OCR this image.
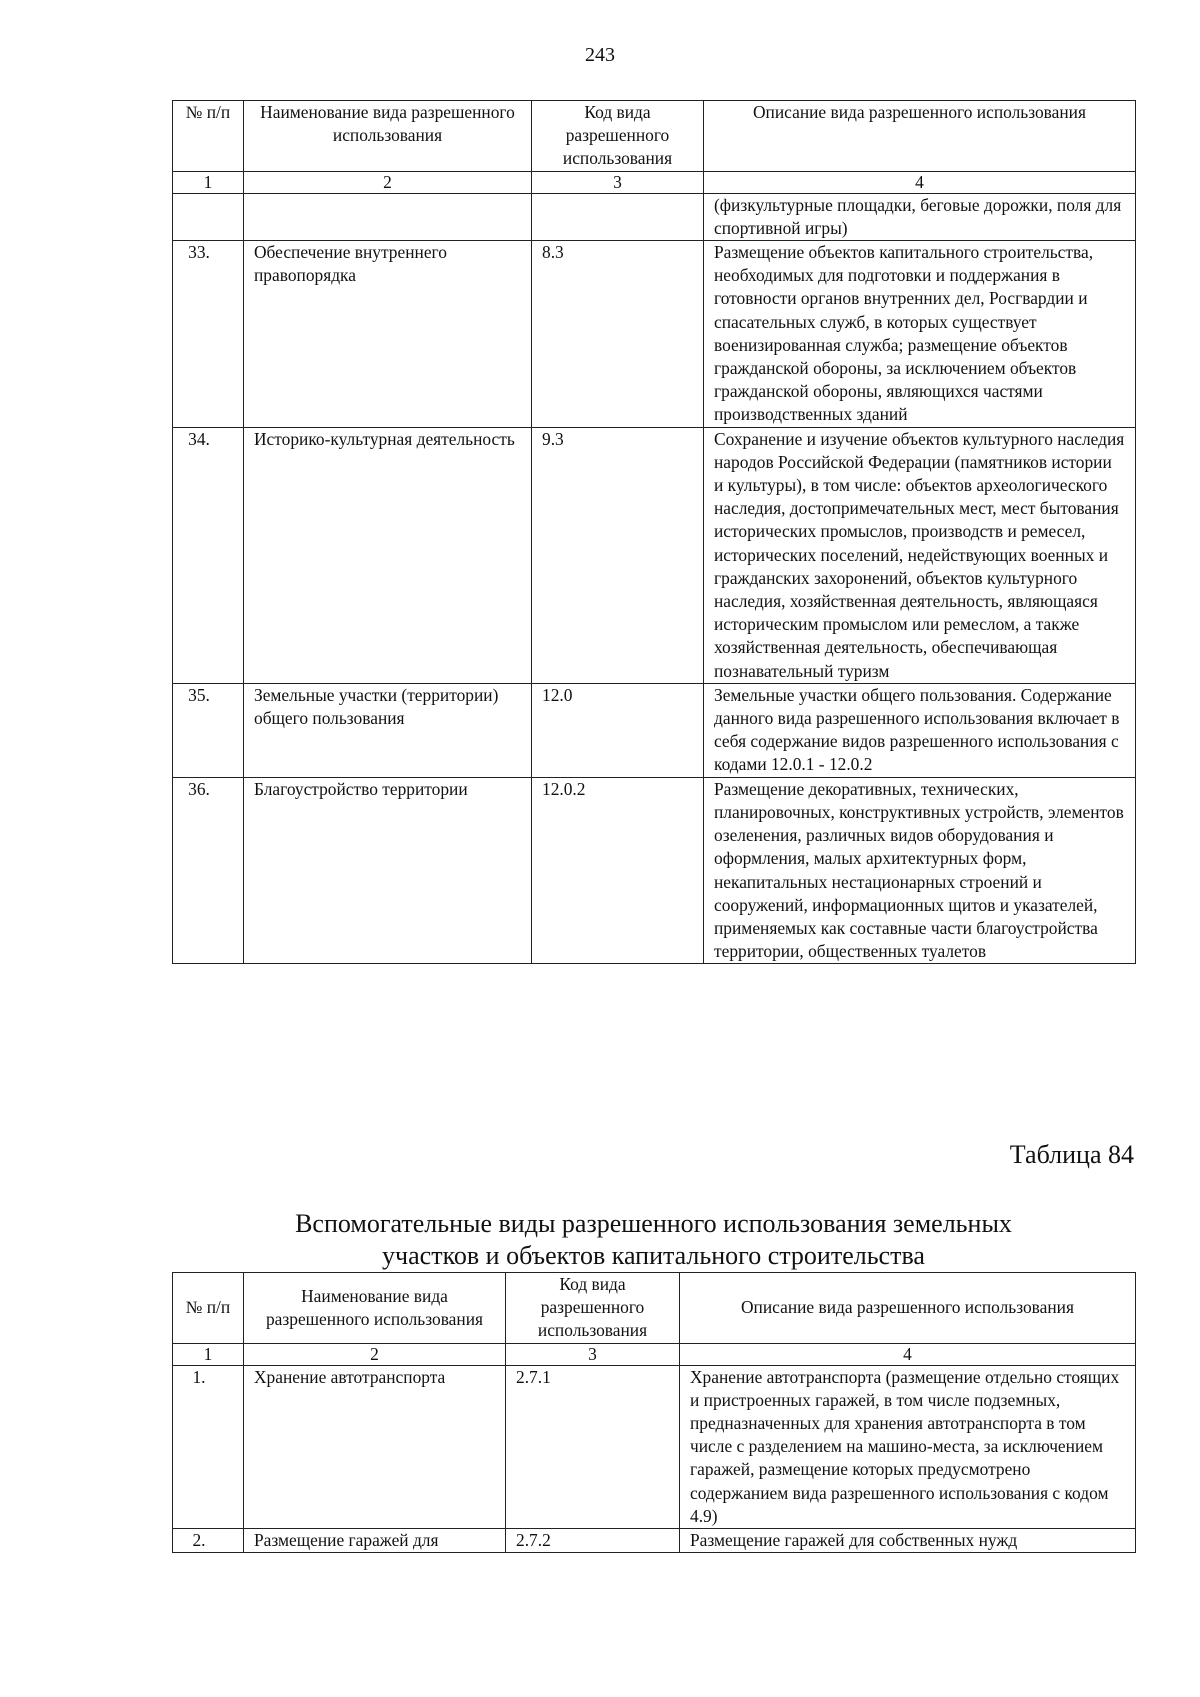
243
№ п/п	Наименование вида разрешенного использования	Код вида разрешенного использования	Описание вида разрешенного использования
1	2	3	4
			(физкультурные площадки, беговые дорожки, поля для спортивной игры)
33.	Обеспечение внутреннего правопорядка	8.3	Размещение объектов капитального строительства, необходимых для подготовки и поддержания в готовности органов внутренних дел, Росгвардии и спасательных служб, в которых существует военизированная служба; размещение объектов гражданской обороны, за исключением объектов гражданской обороны, являющихся частями производственных зданий
34.	Историко-культурная деятельность	9.3	Сохранение и изучение объектов культурного наследия народов Российской Федерации (памятников истории и культуры), в том числе: объектов археологического наследия, достопримечательных мест, мест бытования исторических промыслов, производств и ремесел, исторических поселений, недействующих военных и гражданских захоронений, объектов культурного наследия, хозяйственная деятельность, являющаяся историческим промыслом или ремеслом, а также хозяйственная деятельность, обеспечивающая познавательный туризм
35.	Земельные участки (территории) общего пользования	12.0	Земельные участки общего пользования. Содержание данного вида разрешенного использования включает в себя содержание видов разрешенного использования с кодами 12.0.1 - 12.0.2
36.	Благоустройство территории	12.0.2	Размещение декоративных, технических, планировочных, конструктивных устройств, элементов озеленения, различных видов оборудования и оформления, малых архитектурных форм, некапитальных нестационарных строений и сооружений, информационных щитов и указателей, применяемых как составные части благоустройства территории, общественных туалетов
Таблица 84
Вспомогательные виды разрешенного использования земельных
участков и объектов капитального строительства
№ п/п	Наименование вида разрешенного использования	Код вида разрешенного использования	Описание вида разрешенного использования
1	2	3	4
1.	Хранение автотранспорта	2.7.1	Хранение автотранспорта (размещение отдельно стоящих и пристроенных гаражей, в том числе подземных, предназначенных для хранения автотранспорта в том числе с разделением на машино-места, за исключением гаражей, размещение которых предусмотрено содержанием вида разрешенного использования с кодом 4.9)
2.	Размещение гаражей для	2.7.2	Размещение гаражей для собственных нужд
